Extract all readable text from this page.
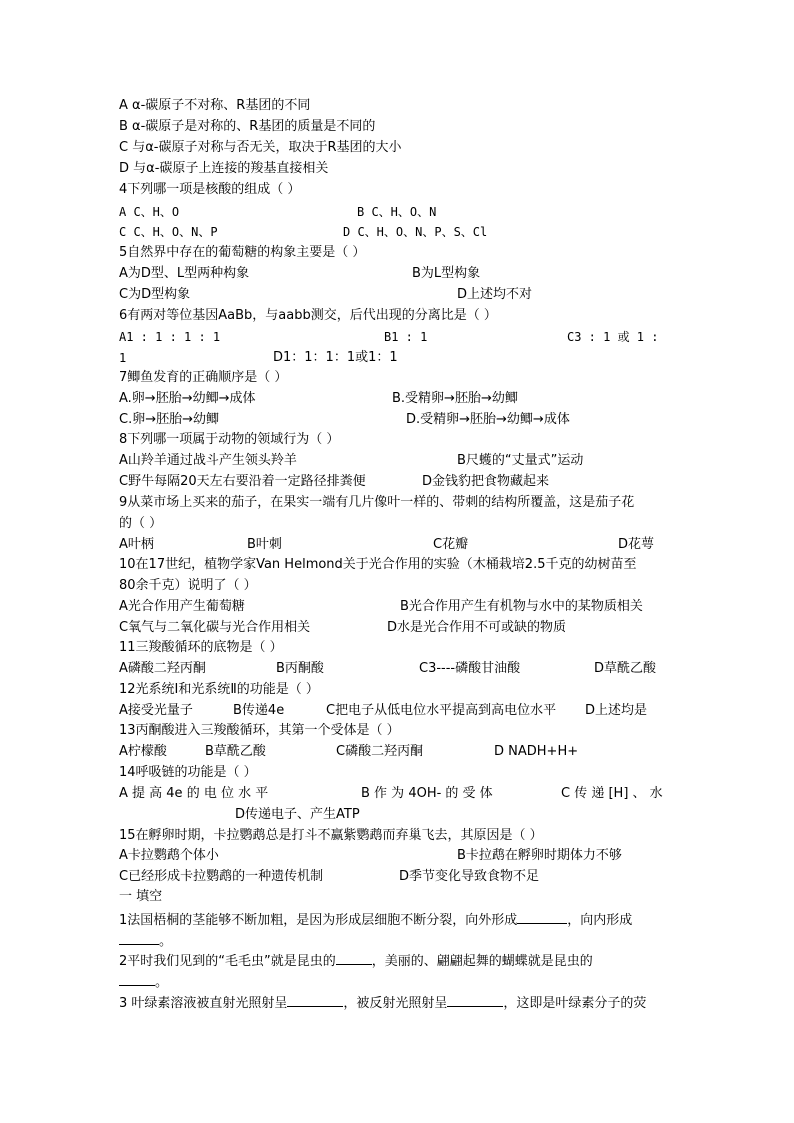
A α-碳原子不对称、R基团的不同
B α-碳原子是对称的、R基团的质量是不同的
C 与α-碳原子对称与否无关，取决于R基团的大小
D 与α-碳原子上连接的羧基直接相关
4下列哪一项是核酸的组成（ ）
A C、H、O	B C、H、O、N
C C、H、O、N、P	D C、H、O、N、P、S、Cl
5自然界中存在的葡萄糖的构象主要是（ ）
A为D型、L型两种构象	B为L型构象
C为D型构象	D上述均不对
6有两对等位基因AaBb，与aabb测交，后代出现的分离比是（ ）
A1 : 1 : 1 : 1	B1 : 1	C3 : 1 或 1 :
1	D1：1：1：1或1：1
7鲫鱼发育的正确顺序是（ ）
A.卵→胚胎→幼鲫→成体	B.受精卵→胚胎→幼鲫
C.卵→胚胎→幼鲫	D.受精卵→胚胎→幼鲫→成体
8下列哪一项属于动物的领域行为（ ）
A山羚羊通过战斗产生领头羚羊	B尺蠖的“丈量式”运动
C野牛每隔20天左右要沿着一定路径排粪便	D金钱豹把食物藏起来
9从菜市场上买来的茄子，在果实一端有几片像叶一样的、带刺的结构所覆盖，这是茄子花
的（ ）
A叶柄	B叶刺	C花瓣	D花萼
10在17世纪，植物学家Van Helmond关于光合作用的实验（木桶栽培2.5千克的幼树苗至
80余千克）说明了（ ）
A光合作用产生葡萄糖	B光合作用产生有机物与水中的某物质相关
C氧气与二氧化碳与光合作用相关	D水是光合作用不可或缺的物质
11三羧酸循环的底物是（ ）
A磷酸二羟丙酮	B丙酮酸	C3----磷酸甘油酸	D草酰乙酸
12光系统Ⅰ和光系统Ⅱ的功能是（ ）
A接受光量子	B传递4e	C把电子从低电位水平提高到高电位水平 D上述均是
13丙酮酸进入三羧酸循环，其第一个受体是（ ）
A柠檬酸	B草酰乙酸	C磷酸二羟丙酮	D NADH+H+
14呼吸链的功能是（ ）
A 提 高 4e 的 电 位 水 平	B 作 为 4OH- 的 受 体	C 传 递 [H] 、 水
D传递电子、产生ATP
15在孵卵时期，卡拉鹦鹉总是打斗不赢紫鹦鹉而弃巢飞去，其原因是（ ）
A卡拉鹦鹉个体小	B卡拉鹉在孵卵时期体力不够
C已经形成卡拉鹦鹉的一种遗传机制	D季节变化导致食物不足
一 填空
1法国梧桐的茎能够不断加粗，是因为形成层细胞不断分裂，向外形成	，向内形成
。
2平时我们见到的“毛毛虫”就是昆虫的	，美丽的、翩翩起舞的蝴蝶就是昆虫的
。
3 叶绿素溶液被直射光照射呈	，被反射光照射呈	，这即是叶绿素分子的荧
